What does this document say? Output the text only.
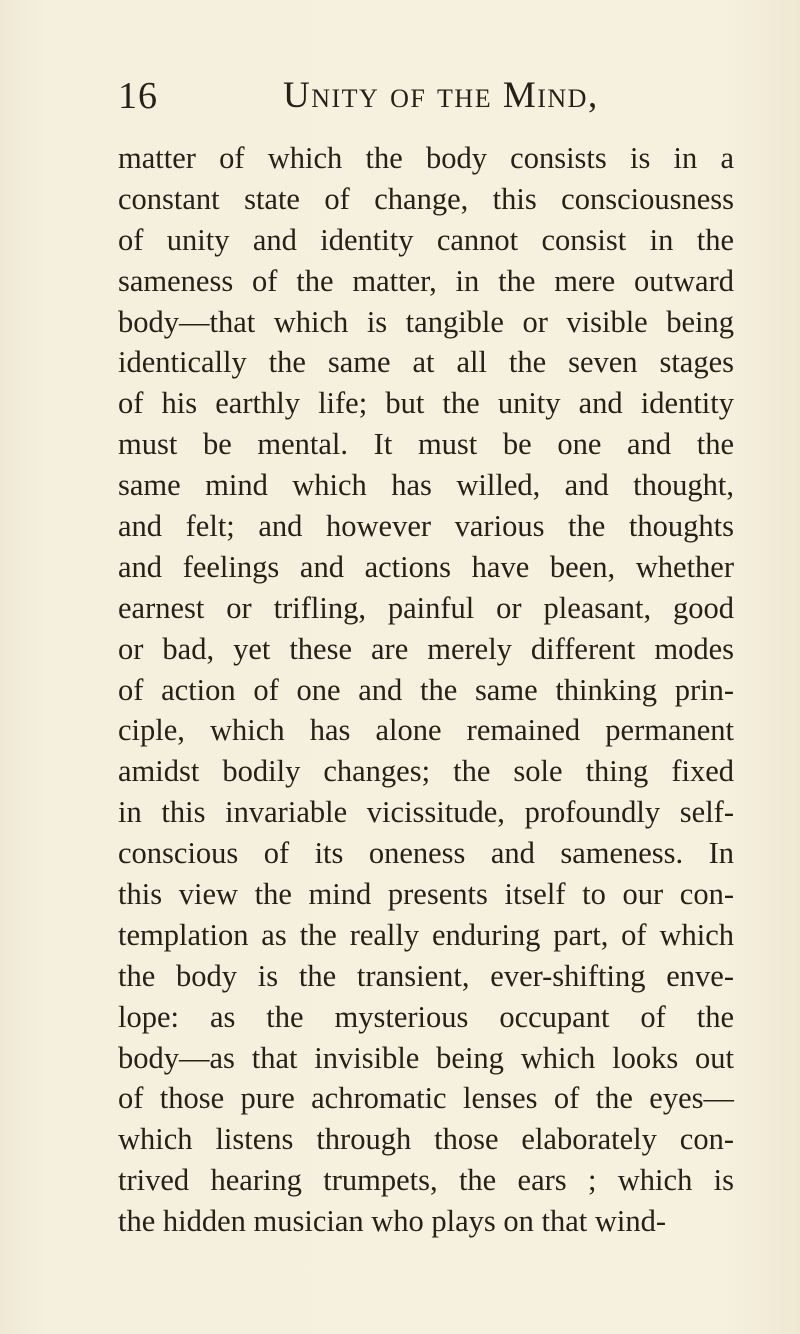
16	Unity of the Mind,
matter of which the body consists is in a
constant state of change, this consciousness
of unity and identity cannot consist in the
sameness of the matter, in the mere outward
body—that which is tangible or visible being
identically the same at all the seven stages
of his earthly life; but the unity and identity
must be mental. It must be one and the
same mind which has willed, and thought,
and felt; and however various the thoughts
and feelings and actions have been, whether
earnest or trifling, painful or pleasant, good
or bad, yet these are merely different modes
of action of one and the same thinking prin-
ciple, which has alone remained permanent
amidst bodily changes; the sole thing fixed
in this invariable vicissitude, profoundly self-
conscious of its oneness and sameness. In
this view the mind presents itself to our con-
templation as the really enduring part, of which
the body is the transient, ever-shifting enve-
lope: as the mysterious occupant of the
body—as that invisible being which looks out
of those pure achromatic lenses of the eyes—
which listens through those elaborately con-
trived hearing trumpets, the ears ; which is
the hidden musician who plays on that wind-
